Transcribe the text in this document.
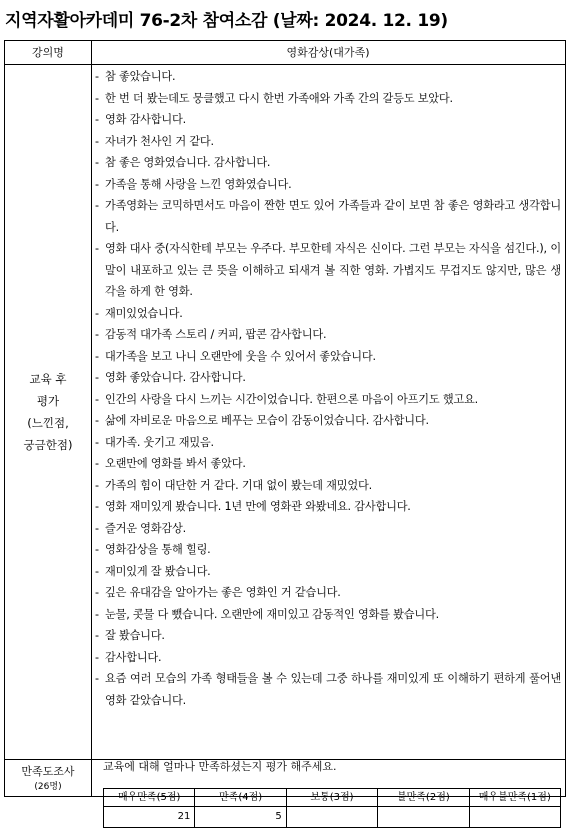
지역자활아카데미 76-2차 참여소감 (날짜: 2024. 12. 19)
강의명	영화감상(대가족)
교육 후
평가
(느낀점,
궁금한점)
- 참 좋았습니다.
- 한 번 더 봤는데도 뭉클했고 다시 한번 가족애와 가족 간의 갈등도 보았다.
- 영화 감사합니다.
- 자녀가 천사인 거 같다.
- 참 좋은 영화였습니다. 감사합니다.
- 가족을 통해 사랑을 느낀 영화였습니다.
- 가족영화는 코믹하면서도 마음이 짠한 면도 있어 가족들과 같이 보면 참 좋은 영화라고 생각합니다.
- 영화 대사 중(자식한테 부모는 우주다. 부모한테 자식은 신이다. 그런 부모는 자식을 섬긴다.), 이 말이 내포하고 있는 큰 뜻을 이해하고 되새겨 볼 직한 영화. 가볍지도 무겁지도 않지만, 많은 생각을 하게 한 영화.
- 재미있었습니다.
- 감동적 대가족 스토리 / 커피, 팝콘 감사합니다.
- 대가족을 보고 나니 오랜만에 웃을 수 있어서 좋았습니다.
- 영화 좋았습니다. 감사합니다.
- 인간의 사랑을 다시 느끼는 시간이었습니다. 한편으론 마음이 아프기도 했고요.
- 삶에 자비로운 마음으로 베푸는 모습이 감동이었습니다. 감사합니다.
- 대가족. 웃기고 재밌음.
- 오랜만에 영화를 봐서 좋았다.
- 가족의 힘이 대단한 거 같다. 기대 없이 봤는데 재밌었다.
- 영화 재미있게 봤습니다. 1년 만에 영화관 와봤네요. 감사합니다.
- 즐거운 영화감상.
- 영화감상을 통해 힐링.
- 재미있게 잘 봤습니다.
- 깊은 유대감을 알아가는 좋은 영화인 거 같습니다.
- 눈물, 콧물 다 뺐습니다. 오랜만에 재미있고 감동적인 영화를 봤습니다.
- 잘 봤습니다.
- 감사합니다.
- 요즘 여러 모습의 가족 형태들을 볼 수 있는데 그중 하나를 재미있게 또 이해하기 편하게 풀어낸 영화 같았습니다.
만족도조사
(26명)
교육에 대해 얼마나 만족하셨는지 평가 해주세요.
매우만족(5점)	만족(4점)	보통(3점)	불만족(2점)	매우불만족(1점)
21	5			
